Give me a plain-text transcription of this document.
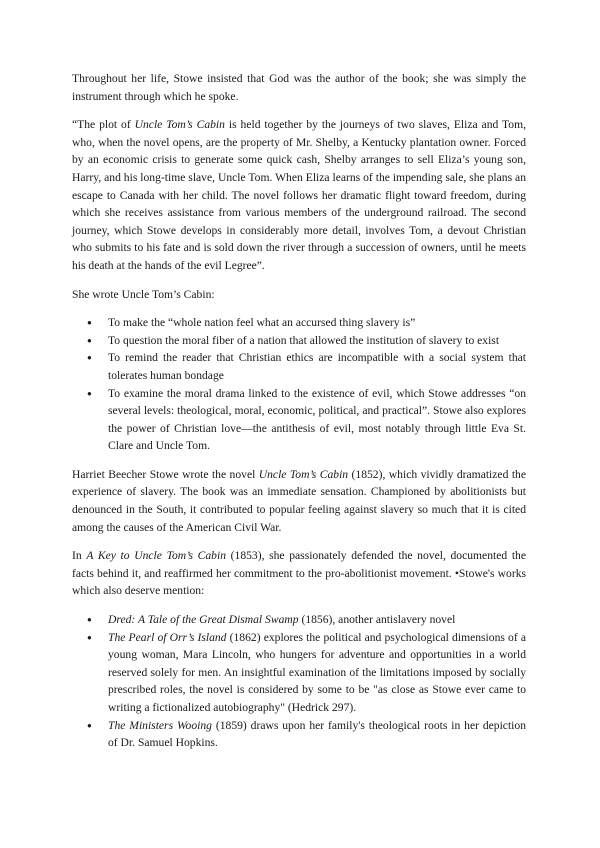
Throughout her life, Stowe insisted that God was the author of the book; she was simply the instrument through which he spoke.

“The plot of Uncle Tom’s Cabin is held together by the journeys of two slaves, Eliza and Tom, who, when the novel opens, are the property of Mr. Shelby, a Kentucky plantation owner. Forced by an economic crisis to generate some quick cash, Shelby arranges to sell Eliza’s young son, Harry, and his long-time slave, Uncle Tom. When Eliza learns of the impending sale, she plans an escape to Canada with her child. The novel follows her dramatic flight toward freedom, during which she receives assistance from various members of the underground railroad. The second journey, which Stowe develops in considerably more detail, involves Tom, a devout Christian who submits to his fate and is sold down the river through a succession of owners, until he meets his death at the hands of the evil Legree”.

She wrote Uncle Tom’s Cabin:

● To make the “whole nation feel what an accursed thing slavery is”
● To question the moral fiber of a nation that allowed the institution of slavery to exist
● To remind the reader that Christian ethics are incompatible with a social system that tolerates human bondage
● To examine the moral drama linked to the existence of evil, which Stowe addresses “on several levels: theological, moral, economic, political, and practical”. Stowe also explores the power of Christian love—the antithesis of evil, most notably through little Eva St. Clare and Uncle Tom.

Harriet Beecher Stowe wrote the novel Uncle Tom’s Cabin (1852), which vividly dramatized the experience of slavery. The book was an immediate sensation. Championed by abolitionists but denounced in the South, it contributed to popular feeling against slavery so much that it is cited among the causes of the American Civil War.

In A Key to Uncle Tom’s Cabin (1853), she passionately defended the novel, documented the facts behind it, and reaffirmed her commitment to the pro-abolitionist movement. •Stowe's works which also deserve mention:

● Dred: A Tale of the Great Dismal Swamp (1856), another antislavery novel
● The Pearl of Orr’s Island (1862) explores the political and psychological dimensions of a young woman, Mara Lincoln, who hungers for adventure and opportunities in a world reserved solely for men. An insightful examination of the limitations imposed by socially prescribed roles, the novel is considered by some to be "as close as Stowe ever came to writing a fictionalized autobiography" (Hedrick 297).
● The Ministers Wooing (1859) draws upon her family's theological roots in her depiction of Dr. Samuel Hopkins.
